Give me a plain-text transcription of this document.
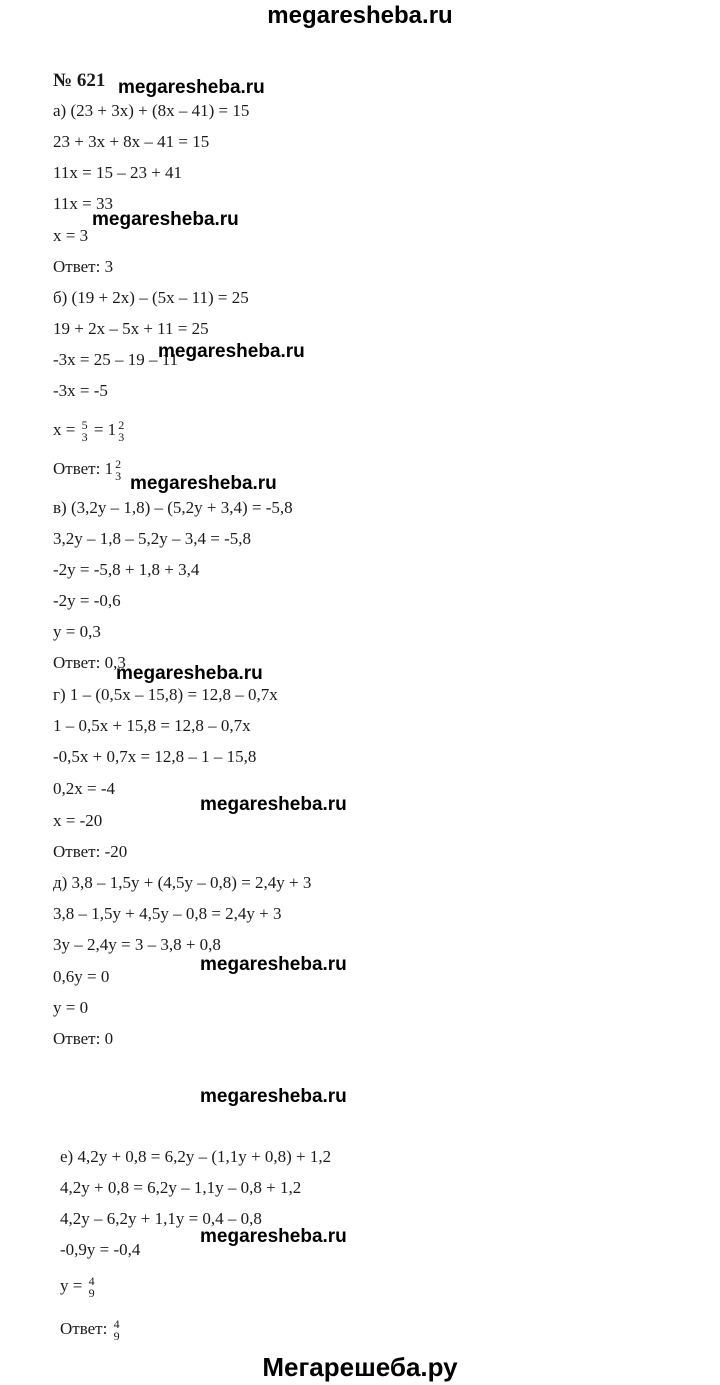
megaresheba.ru
№ 621
а) (23 + 3x) + (8x – 41) = 15
23 + 3x + 8x – 41 = 15
11x = 15 – 23 + 41
11x = 33
x = 3
Ответ: 3
б) (19 + 2x) – (5x – 11) = 25
19 + 2x – 5x + 11 = 25
-3x = 25 – 19 – 11
-3x = -5
x = 5
3 = 1 2
3
Ответ: 1 2
3
в) (3,2y – 1,8) – (5,2y + 3,4) = -5,8
3,2y – 1,8 – 5,2y – 3,4 = -5,8
-2y = -5,8 + 1,8 + 3,4
-2y = -0,6
y = 0,3
Ответ: 0,3
г) 1 – (0,5x – 15,8) = 12,8 – 0,7x
1 – 0,5x + 15,8 = 12,8 – 0,7x
-0,5x + 0,7x = 12,8 – 1 – 15,8
0,2x = -4
x = -20
Ответ: -20
д) 3,8 – 1,5y + (4,5y – 0,8) = 2,4y + 3
3,8 – 1,5y + 4,5y – 0,8 = 2,4y + 3
3y – 2,4y = 3 – 3,8 + 0,8
0,6y = 0
y = 0
Ответ: 0
е) 4,2y + 0,8 = 6,2y – (1,1y + 0,8) + 1,2
4,2y + 0,8 = 6,2y – 1,1y – 0,8 + 1,2
4,2y – 6,2y + 1,1y = 0,4 – 0,8
-0,9y = -0,4
y = 4
9
Ответ: 4
9
megaresheba.ru
megaresheba.ru
megaresheba.ru
megaresheba.ru
megaresheba.ru
megaresheba.ru
megaresheba.ru
megaresheba.ru
megaresheba.ru
Мегарешеба.ру
